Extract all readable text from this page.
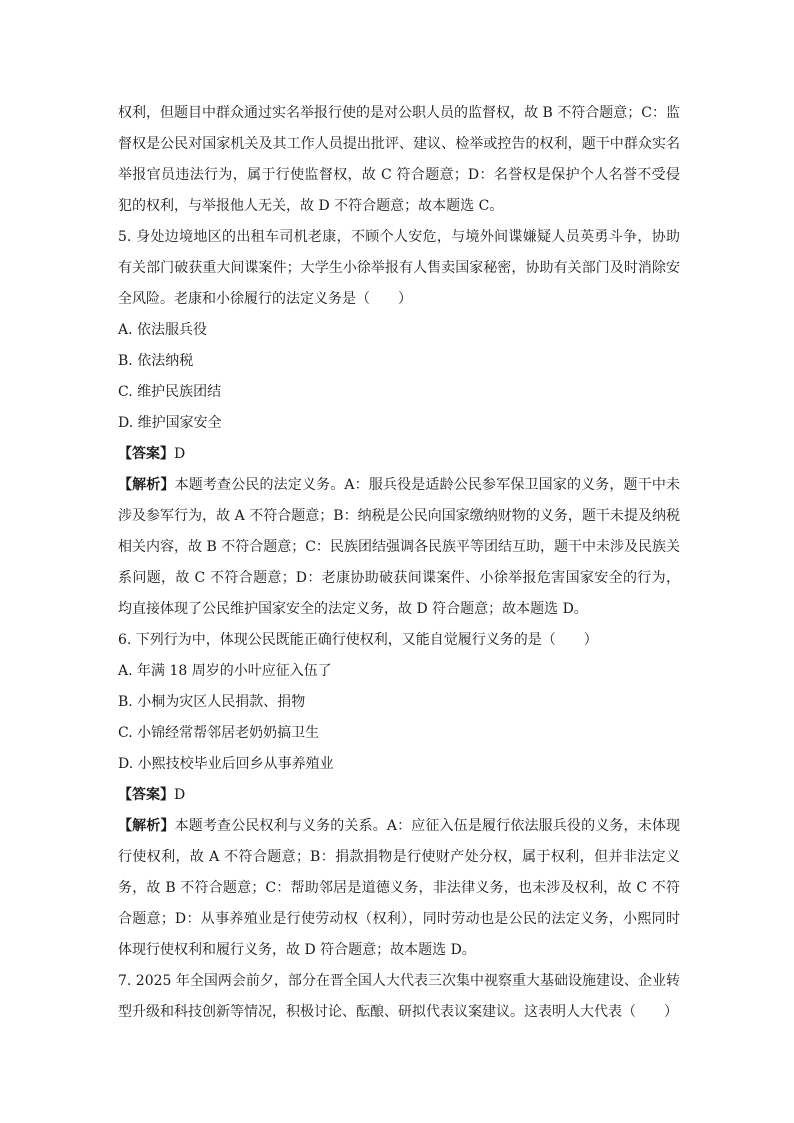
权利，但题目中群众通过实名举报行使的是对公职人员的监督权，故 B 不符合题意；C：监督权是公民对国家机关及其工作人员提出批评、建议、检举或控告的权利，题干中群众实名举报官员违法行为，属于行使监督权，故 C 符合题意；D：名誉权是保护个人名誉不受侵犯的权利，与举报他人无关，故 D 不符合题意；故本题选 C。

5. 身处边境地区的出租车司机老康，不顾个人安危，与境外间谍嫌疑人员英勇斗争，协助有关部门破获重大间谍案件；大学生小徐举报有人售卖国家秘密，协助有关部门及时消除安全风险。老康和小徐履行的法定义务是（　　）

A. 依法服兵役
B. 依法纳税
C. 维护民族团结
D. 维护国家安全
【答案】D

【解析】本题考查公民的法定义务。A：服兵役是适龄公民参军保卫国家的义务，题干中未涉及参军行为，故 A 不符合题意；B：纳税是公民向国家缴纳财物的义务，题干未提及纳税相关内容，故 B 不符合题意；C：民族团结强调各民族平等团结互助，题干中未涉及民族关系问题，故 C 不符合题意；D：老康协助破获间谍案件、小徐举报危害国家安全的行为，均直接体现了公民维护国家安全的法定义务，故 D 符合题意；故本题选 D。

6. 下列行为中，体现公民既能正确行使权利，又能自觉履行义务的是（　　）

A. 年满 18 周岁的小叶应征入伍了
B. 小桐为灾区人民捐款、捐物
C. 小锦经常帮邻居老奶奶搞卫生
D. 小熙技校毕业后回乡从事养殖业
【答案】D

【解析】本题考查公民权利与义务的关系。A：应征入伍是履行依法服兵役的义务，未体现行使权利，故 A 不符合题意；B：捐款捐物是行使财产处分权，属于权利，但并非法定义务，故 B 不符合题意；C：帮助邻居是道德义务，非法律义务，也未涉及权利，故 C 不符合题意；D：从事养殖业是行使劳动权（权利），同时劳动也是公民的法定义务，小熙同时体现行使权利和履行义务，故 D 符合题意；故本题选 D。

7. 2025 年全国两会前夕，部分在晋全国人大代表三次集中视察重大基础设施建设、企业转型升级和科技创新等情况，积极讨论、酝酿、研拟代表议案建议。这表明人大代表（　　）
